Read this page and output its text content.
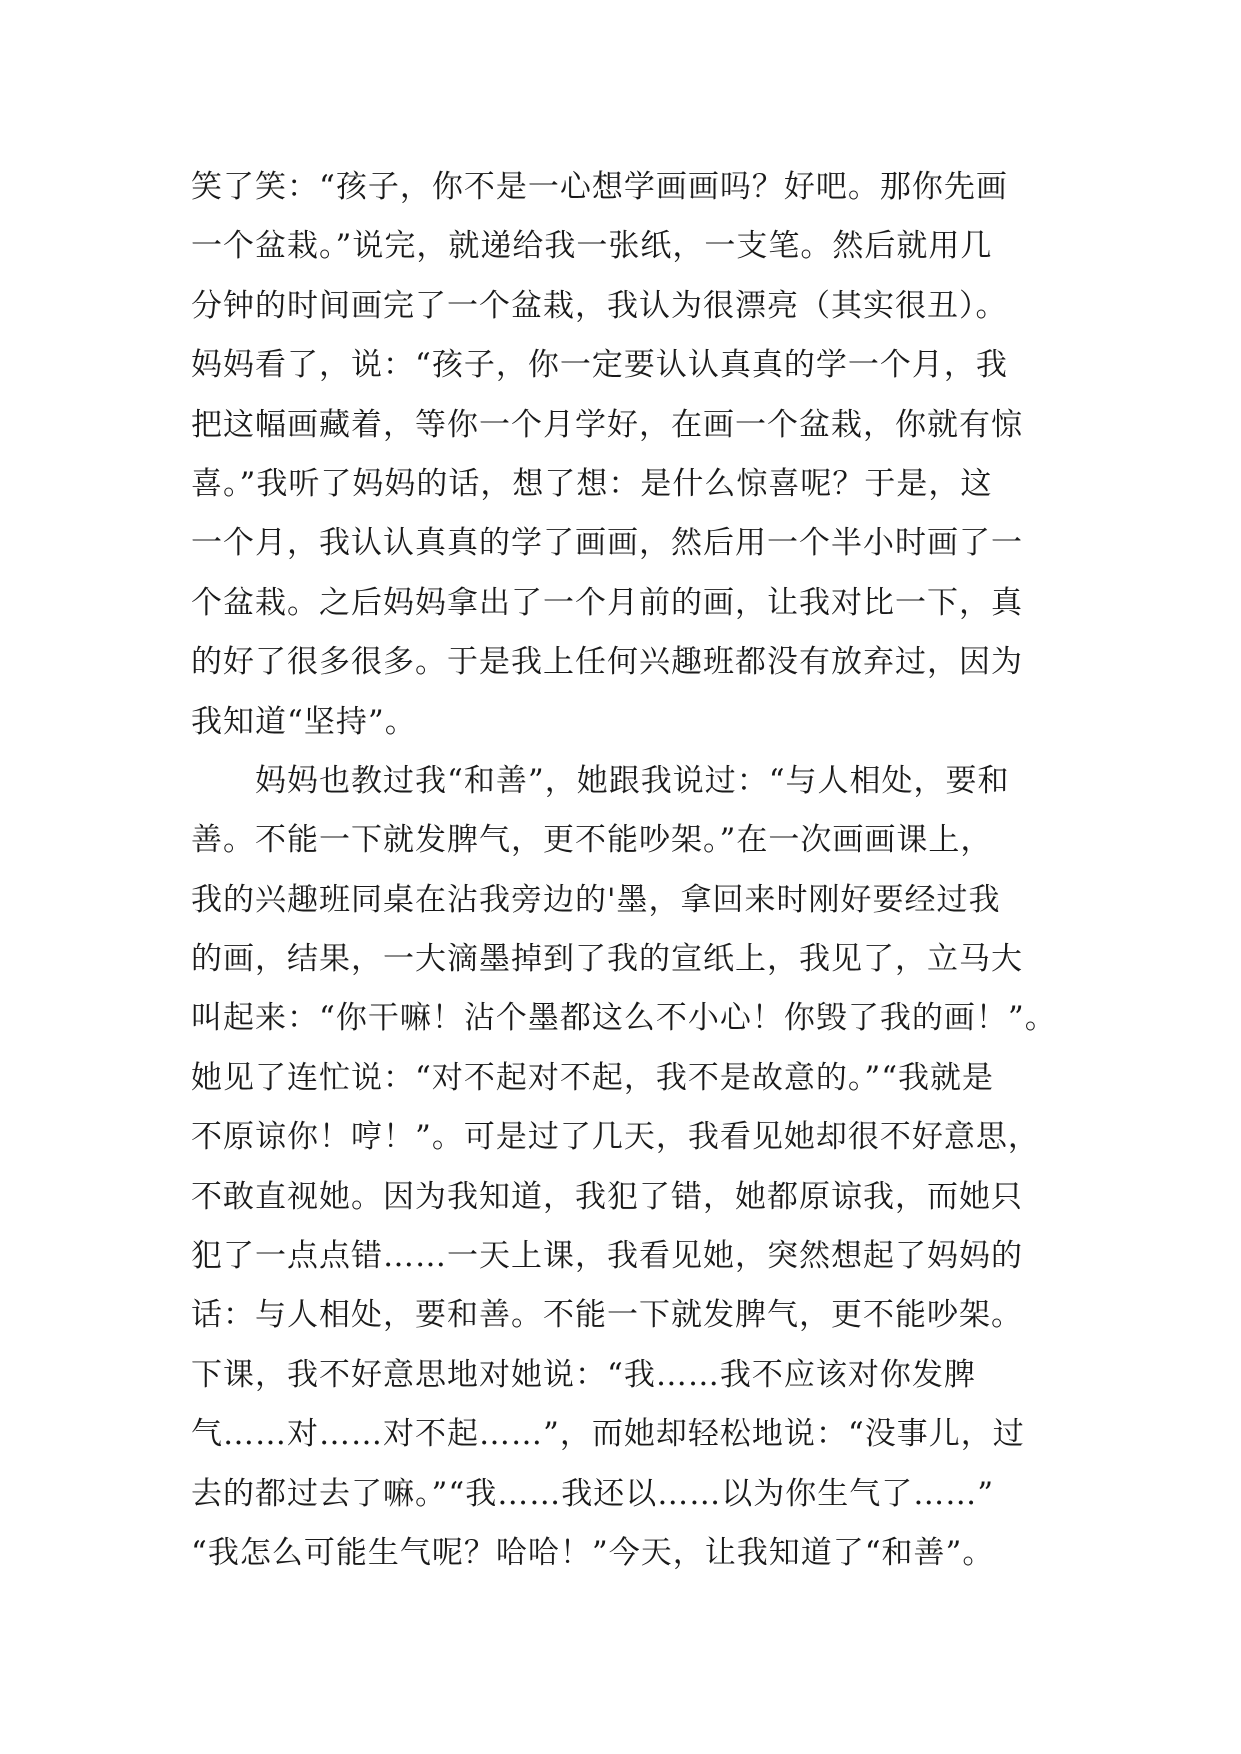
笑了笑：“孩子，你不是一心想学画画吗？好吧。那你先画
一个盆栽。”说完，就递给我一张纸，一支笔。然后就用几
分钟的时间画完了一个盆栽，我认为很漂亮（其实很丑）。
妈妈看了，说：“孩子，你一定要认认真真的学一个月，我
把这幅画藏着，等你一个月学好，在画一个盆栽，你就有惊
喜。”我听了妈妈的话，想了想：是什么惊喜呢？于是，这
一个月，我认认真真的学了画画，然后用一个半小时画了一
个盆栽。之后妈妈拿出了一个月前的画，让我对比一下，真
的好了很多很多。于是我上任何兴趣班都没有放弃过，因为
我知道“坚持”。
妈妈也教过我“和善”，她跟我说过：“与人相处，要和
善。不能一下就发脾气，更不能吵架。”在一次画画课上，
我的兴趣班同桌在沾我旁边的'墨，拿回来时刚好要经过我
的画，结果，一大滴墨掉到了我的宣纸上，我见了，立马大
叫起来：“你干嘛！沾个墨都这么不小心！你毁了我的画！”。
她见了连忙说：“对不起对不起，我不是故意的。”“我就是
不原谅你！哼！”。可是过了几天，我看见她却很不好意思，
不敢直视她。因为我知道，我犯了错，她都原谅我，而她只
犯了一点点错……一天上课，我看见她，突然想起了妈妈的
话：与人相处，要和善。不能一下就发脾气，更不能吵架。
下课，我不好意思地对她说：“我……我不应该对你发脾
气……对……对不起……”，而她却轻松地说：“没事儿，过
去的都过去了嘛。”“我……我还以……以为你生气了……”
“我怎么可能生气呢？哈哈！”今天，让我知道了“和善”。
